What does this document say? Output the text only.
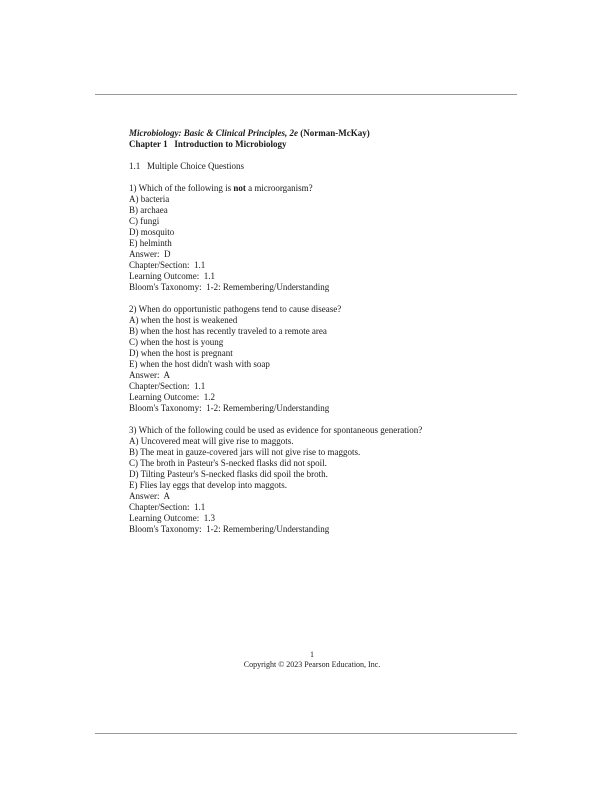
Microbiology: Basic & Clinical Principles, 2e (Norman-McKay)
Chapter 1   Introduction to Microbiology
1.1   Multiple Choice Questions
1) Which of the following is not a microorganism?
A) bacteria
B) archaea
C) fungi
D) mosquito
E) helminth
Answer:  D
Chapter/Section:  1.1
Learning Outcome:  1.1
Bloom's Taxonomy:  1-2: Remembering/Understanding
2) When do opportunistic pathogens tend to cause disease?
A) when the host is weakened
B) when the host has recently traveled to a remote area
C) when the host is young
D) when the host is pregnant
E) when the host didn't wash with soap
Answer:  A
Chapter/Section:  1.1
Learning Outcome:  1.2
Bloom's Taxonomy:  1-2: Remembering/Understanding
3) Which of the following could be used as evidence for spontaneous generation?
A) Uncovered meat will give rise to maggots.
B) The meat in gauze-covered jars will not give rise to maggots.
C) The broth in Pasteur's S-necked flasks did not spoil.
D) Tilting Pasteur's S-necked flasks did spoil the broth.
E) Flies lay eggs that develop into maggots.
Answer:  A
Chapter/Section:  1.1
Learning Outcome:  1.3
Bloom's Taxonomy:  1-2: Remembering/Understanding
1
Copyright © 2023 Pearson Education, Inc.
